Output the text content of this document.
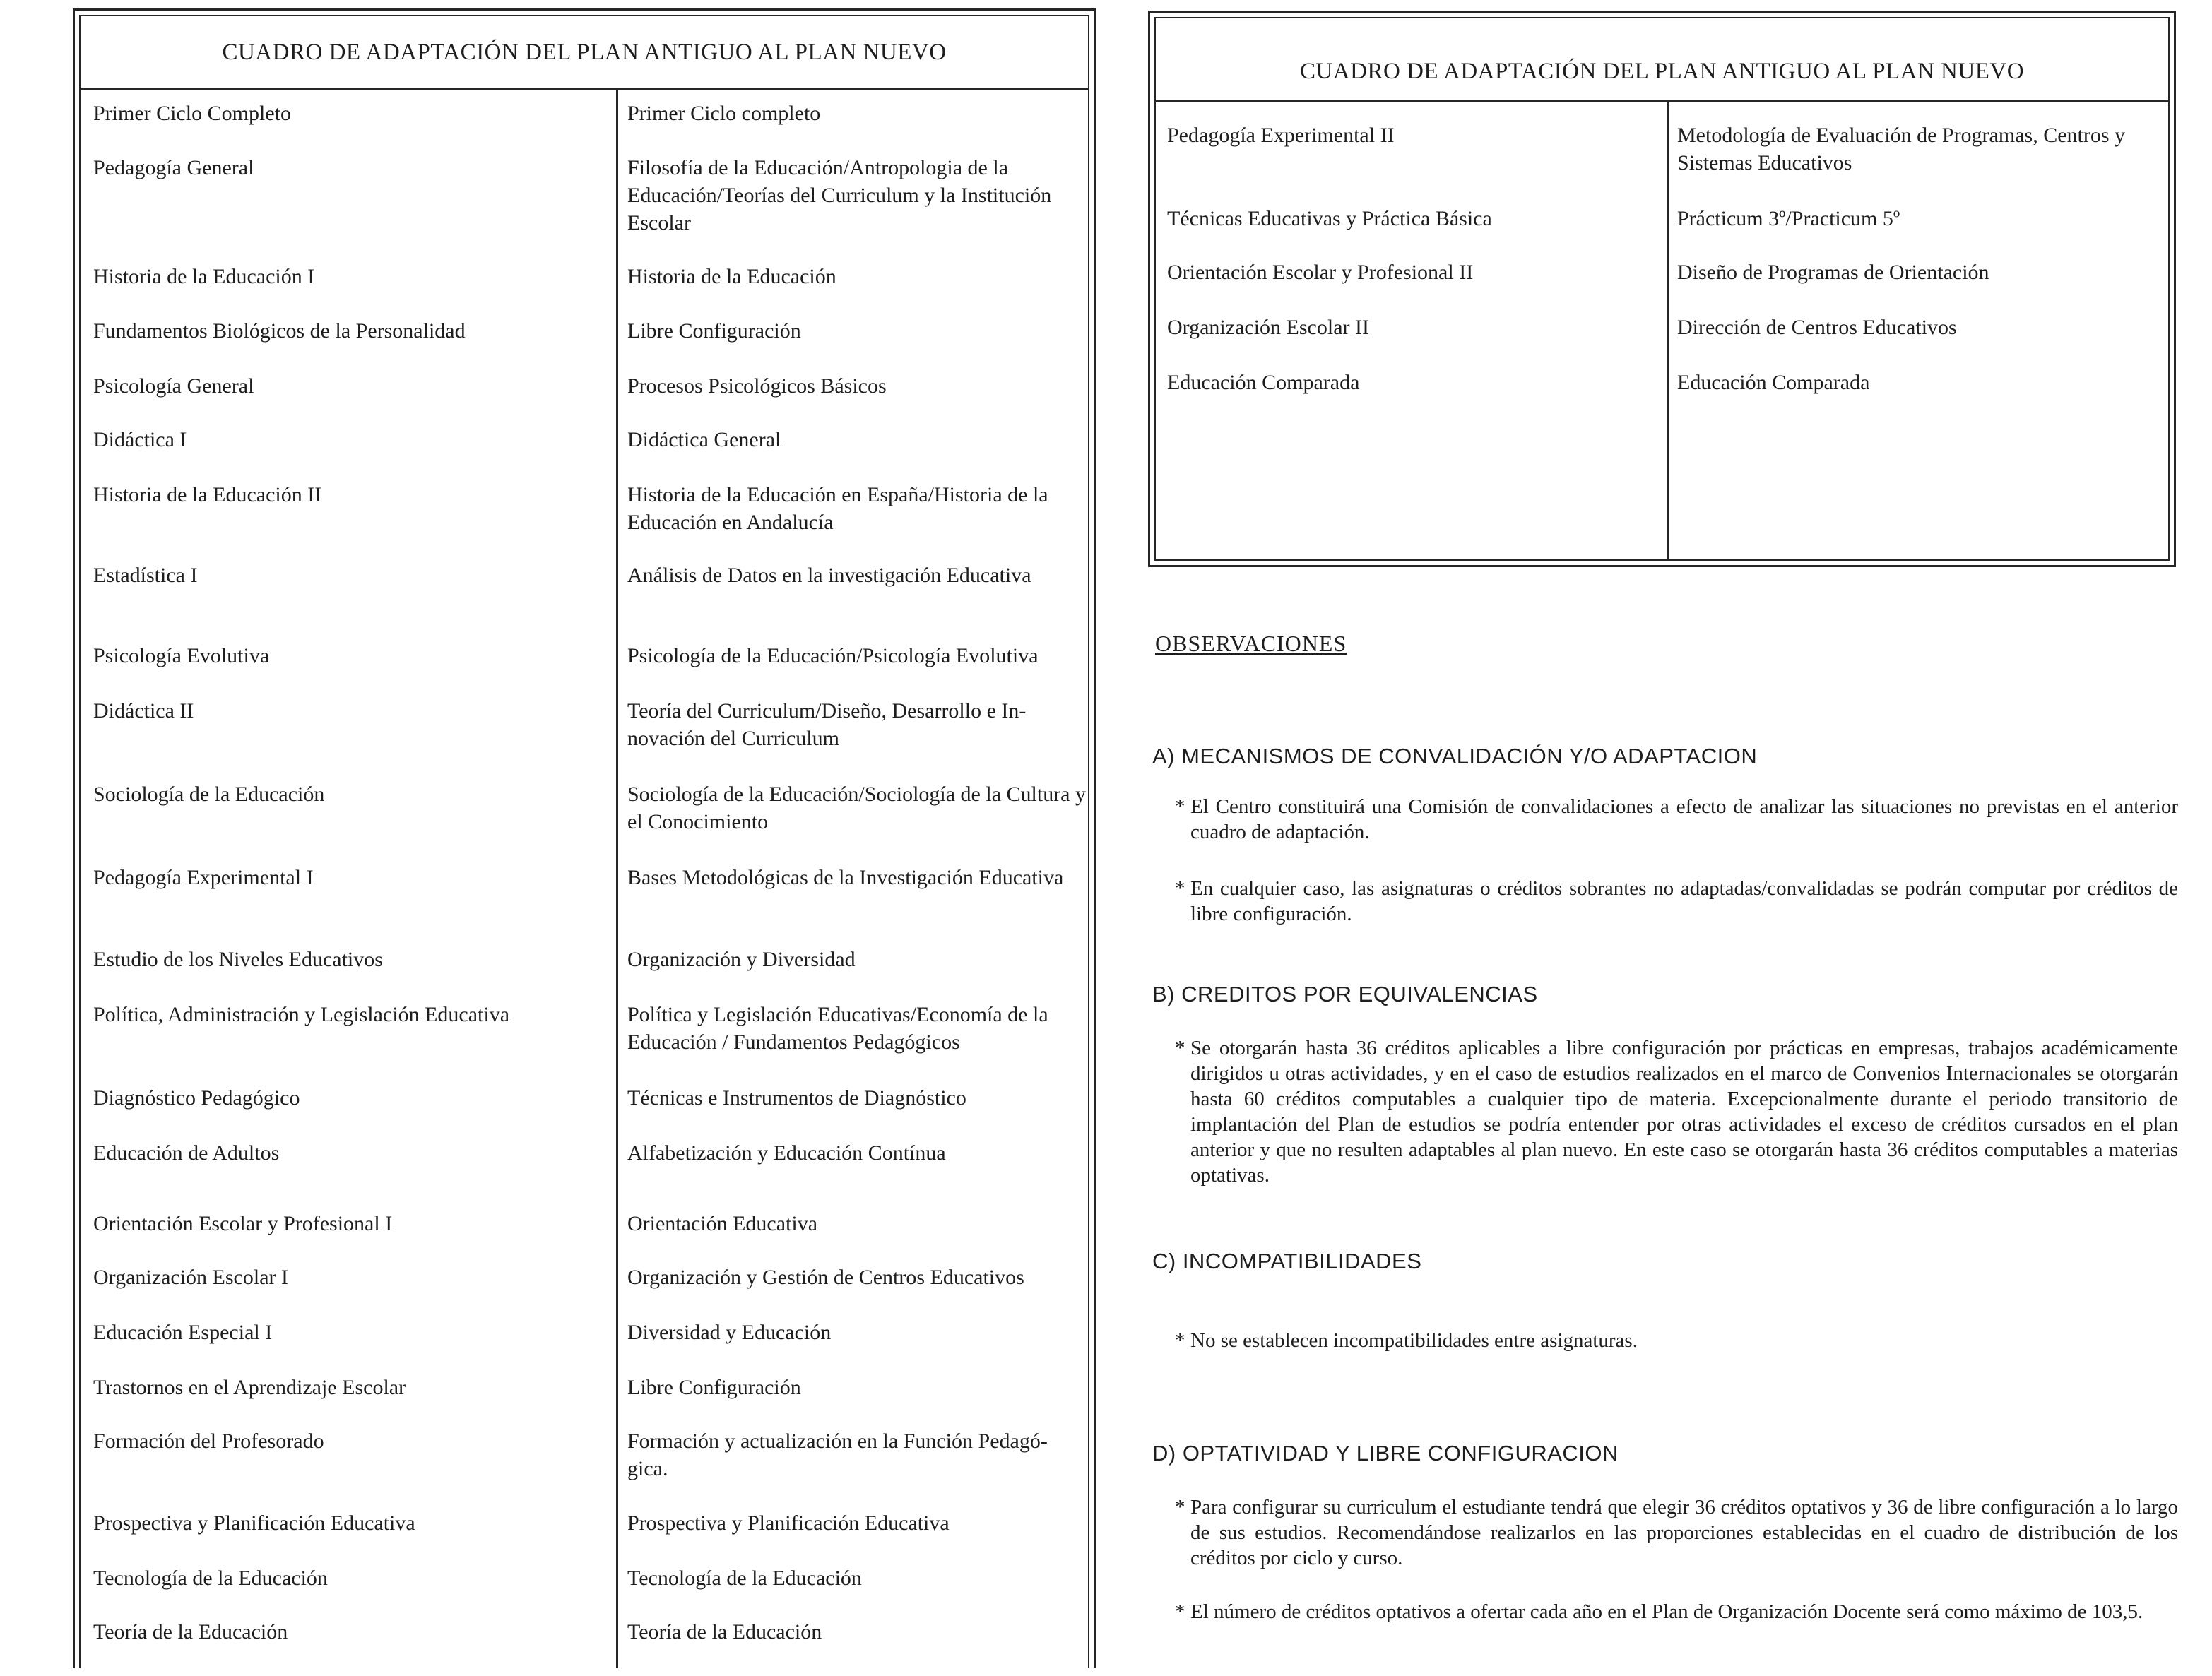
CUADRO DE ADAPTACIÓN DEL PLAN ANTIGUO AL PLAN NUEVO
Primer Ciclo Completo	Primer Ciclo completo
Pedagogía General	Filosofía de la Educación/Antropologia de la Educación/Teorías del Curriculum y la Institución Escolar
Historia de la Educación I	Historia de la Educación
Fundamentos Biológicos de la Personalidad	Libre Configuración
Psicología General	Procesos Psicológicos Básicos
Didáctica I	Didáctica General
Historia de la Educación II	Historia de la Educación en España/Historia de la Educación en Andalucía
Estadística I	Análisis de Datos en la investigación Educativa
Psicología Evolutiva	Psicología de la Educación/Psicología Evolutiva
Didáctica II	Teoría del Curriculum/Diseño, Desarrollo e In-novación del Curriculum
Sociología de la Educación	Sociología de la Educación/Sociología de la Cultura y el Conocimiento
Pedagogía Experimental I	Bases Metodológicas de la Investigación Educativa
Estudio de los Niveles Educativos	Organización y Diversidad
Política, Administración y Legislación Educativa	Política y Legislación Educativas/Economía de la Educación / Fundamentos Pedagógicos
Diagnóstico Pedagógico	Técnicas e Instrumentos de Diagnóstico
Educación de Adultos	Alfabetización y Educación Contínua
Orientación Escolar y Profesional I	Orientación Educativa
Organización Escolar I	Organización y Gestión de Centros Educativos
Educación Especial I	Diversidad y Educación
Trastornos en el Aprendizaje Escolar	Libre Configuración
Formación del Profesorado	Formación y actualización en la Función Pedagó-gica.
Prospectiva y Planificación Educativa	Prospectiva y Planificación Educativa
Tecnología de la Educación	Tecnología de la Educación
Teoría de la Educación	Teoría de la Educación
CUADRO DE ADAPTACIÓN DEL PLAN ANTIGUO AL PLAN NUEVO
Pedagogía Experimental II	Metodología de Evaluación de Programas, Centros y Sistemas Educativos
Técnicas Educativas y Práctica Básica	Prácticum 3º/Practicum 5º
Orientación Escolar y Profesional II	Diseño de Programas de Orientación
Organización Escolar II	Dirección de Centros Educativos
Educación Comparada	Educación Comparada
OBSERVACIONES
A) MECANISMOS DE CONVALIDACIÓN Y/O ADAPTACION
* El Centro constituirá una Comisión de convalidaciones a efecto de analizar las situaciones no previstas en el anterior cuadro de adaptación.
* En cualquier caso, las asignaturas o créditos sobrantes no adaptadas/convalidadas se podrán computar por créditos de libre configuración.
B) CREDITOS POR EQUIVALENCIAS
* Se otorgarán hasta 36 créditos aplicables a libre configuración por prácticas en empresas, trabajos académicamente dirigidos u otras actividades, y en el caso de estudios realizados en el marco de Convenios Internacionales se otorgarán hasta 60 créditos computables a cualquier tipo de materia. Excepcionalmente durante el periodo transitorio de implantación del Plan de estudios se podría entender por otras actividades el exceso de créditos cursados en el plan anterior y que no resulten adaptables al plan nuevo. En este caso se otorgarán hasta 36 créditos computables a materias optativas.
C) INCOMPATIBILIDADES
* No se establecen incompatibilidades entre asignaturas.
D) OPTATIVIDAD Y LIBRE CONFIGURACION
* Para configurar su curriculum el estudiante tendrá que elegir 36 créditos optativos y 36 de libre configuración a lo largo de sus estudios. Recomendándose realizarlos en las proporciones establecidas en el cuadro de distribución de los créditos por ciclo y curso.
* El número de créditos optativos a ofertar cada año en el Plan de Organización Docente será como máximo de 103,5.
